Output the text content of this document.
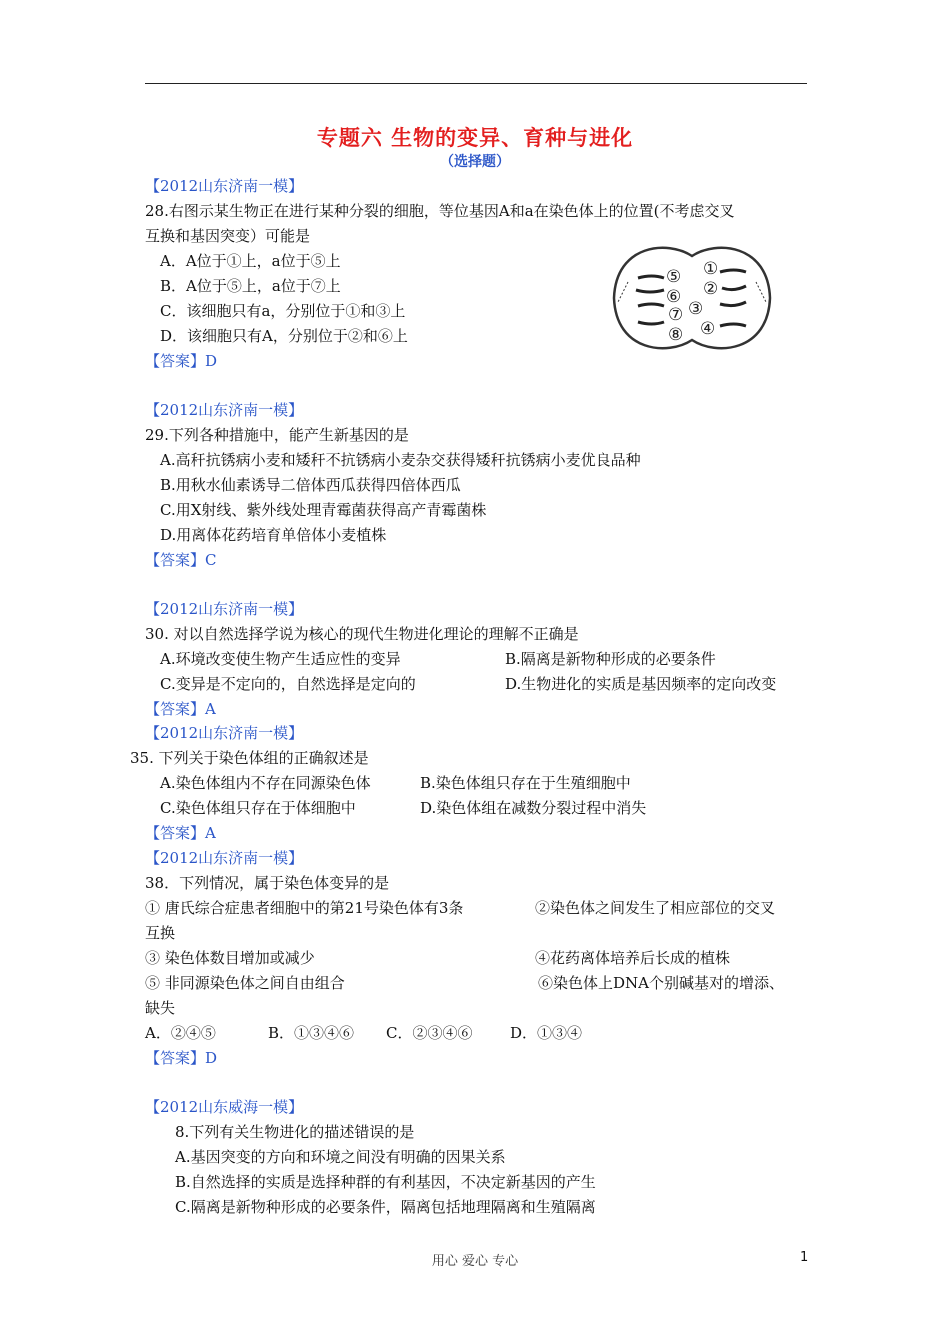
专题六 生物的变异、育种与进化
（选择题）
【2012山东济南一模】
28.右图示某生物正在进行某种分裂的细胞，等位基因A和a在染色体上的位置(不考虑交叉
互换和基因突变）可能是
A．A位于①上，a位于⑤上
B．A位于⑤上，a位于⑦上
C．该细胞只有a，分别位于①和③上
D．该细胞只有A，分别位于②和⑥上
【答案】D
⑤ ①
②
⑥
③
⑦
⑧ ④
【2012山东济南一模】
29.下列各种措施中，能产生新基因的是
A.高秆抗锈病小麦和矮秆不抗锈病小麦杂交获得矮秆抗锈病小麦优良品种
B.用秋水仙素诱导二倍体西瓜获得四倍体西瓜
C.用X射线、紫外线处理青霉菌获得高产青霉菌株
D.用离体花药培育单倍体小麦植株
【答案】C
【2012山东济南一模】
30. 对以自然选择学说为核心的现代生物进化理论的理解不正确是
A.环境改变使生物产生适应性的变异	B.隔离是新物种形成的必要条件
C.变异是不定向的，自然选择是定向的	D.生物进化的实质是基因频率的定向改变
【答案】A
【2012山东济南一模】
35. 下列关于染色体组的正确叙述是
A.染色体组内不存在同源染色体	B.染色体组只存在于生殖细胞中
C.染色体组只存在于体细胞中	D.染色体组在减数分裂过程中消失
【答案】A
【2012山东济南一模】
38．下列情况，属于染色体变异的是
① 唐氏综合症患者细胞中的第21号染色体有3条	②染色体之间发生了相应部位的交叉
互换
③ 染色体数目增加或减少	④花药离体培养后长成的植株
⑤ 非同源染色体之间自由组合	⑥染色体上DNA个别碱基对的增添、
缺失
A．②④⑤	B．①③④⑥ C．②③④⑥	D．①③④
【答案】D
【2012山东威海一模】
8.下列有关生物进化的描述错误的是
A.基因突变的方向和环境之间没有明确的因果关系
B.自然选择的实质是选择种群的有利基因，不决定新基因的产生
C.隔离是新物种形成的必要条件，隔离包括地理隔离和生殖隔离
用心 爱心 专心	1
